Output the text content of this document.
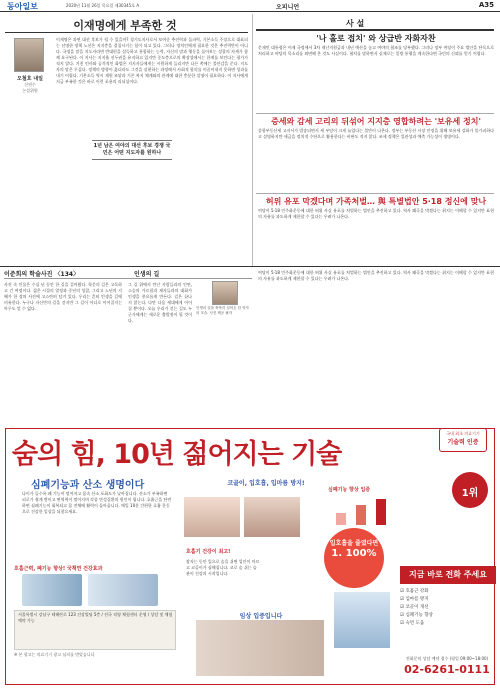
동아일보	2020년 11월 26일 목요일 제30345호 A	오피니언	A35
이재명에게 부족한 것
오철호 내일
신연수
논설위원
이재명은 과연 대선 후보가 될 수 있을까? 경기도지사로서 보여준 추진력과 돌파력, 기본소득 주장으로 대표되는 선명한 정책 노선은 지지층을 결집시키는 힘이 되고 있다. 그러나 정치인에게 필요한 것은 추진력만이 아니다. 국정을 맡을 지도자라면 반대편을 설득하고 통합하는 능력, 자신의 말과 행동을 돌아보는 성찰의 자세가 함께 요구된다. 이 지사는 지지율 선두권을 유지하고 있지만 중도층으로의 확장성에서는 한계를 보인다는 평가가 적지 않다. 거친 언사와 공격적인 화법은 지지자들에게는 시원하게 들리지만 다른 쪽에는 불안감을 준다. 지도자의 말은 무겁다. 정책의 방향이 옳더라도 그것을 실현하는 과정에서 사회적 합의를 이끌어내지 못하면 성과를 내기 어렵다. 기본소득 역시 재원 조달과 기존 복지 체계와의 관계에 대한 충분한 설명이 필요하다. 이 지사에게 지금 부족한 것은 바로 이런 포용의 리더십이다.
1년 남은 여야의 대선 후보 경쟁 국민은 어떤 지도자를 원하나
사 설
'나 홀로 접치' 와 상급반 자화자찬
문재인 대통령은 어제 국정에서 3차 재난지원금과 내년 예산을 놓고 여야의 협조를 당부했다. 그러나 정부 여당이 주요 법안을 단독으로 처리하고 야당의 목소리를 외면해 온 것도 사실이다. 협치를 말하면서 실제로는 일방 통행을 계속한다면 국민의 신뢰를 얻기 어렵다.
증세와 감세 고리의 뒤섞어 지지층 영합하려는 '보유세 정치'
종합부동산세 고지서가 발송되면서 세 부담이 크게 늘었다는 불만이 나온다. 정부는 부동산 시장 안정을 위해 보유세 강화가 불가피하다고 설명하지만 세금을 정치적 수단으로 활용한다는 비판도 적지 않다. 조세 정책은 일관성과 예측 가능성이 생명이다.
허위 유포 막겠다며 가족처벌… 與 특별법안 5·18 정신에 맞나
여당이 5·18 민주화운동에 대한 허위 사실 유포를 처벌하는 법안을 추진하고 있다. 역사 왜곡을 막겠다는 취지는 이해할 수 있지만 표현의 자유를 과도하게 제한할 수 있다는 우려가 나온다.
이준희의 학술사진 〈134〉	인생의 길
사진 속 인물은 수십 년 동안 한 길을 걸어왔다. 학문의 길은 고독하고 긴 여정이다. 젊은 시절의 열정과 중년의 성찰, 그리고 노년의 지혜가 한 장의 사진에 고스란히 담겨 있다. 우리는 흔히 인생을 길에 비유한다. 누구나 자신만의 길을 걷지만 그 길이 어디로 이어질지는 아무도 알 수 없다.
그 길 위에서 만난 사람들과의 인연, 스승의 가르침과 제자들과의 대화가 인생을 풍요롭게 만든다. 길은 끝나지 않는다. 다만 다음 세대에게 이어질 뿐이다. 오늘 우리가 걷는 길도 누군가에게는 새로운 출발점이 될 것이다.
인생의 길을 묵묵히 걸어온 한 학자의 모습. 사진 제공 필자
여당이 5·18 민주화운동에 대한 허위 사실 유포를 처벌하는 법안을 추진하고 있다. 역사 왜곡을 막겠다는 취지는 이해할 수 있지만 표현의 자유를 과도하게 제한할 수 있다는 우려가 나온다.
숨의 힘, 10년 젊어지는 기술
국내 최초 의료기기
기술력 인증
심폐기능과 산소 생명이다
나이가 들수록 폐 기능이 떨어지고 몸속 산소 포화도가 낮아집니다. 산소가 부족하면 피로가 쉽게 쌓이고 면역력이 떨어지며 각종 만성질환의 원인이 됩니다. 호흡근을 단련하면 심폐기능이 회복되고 몸 전체에 활력이 돌아옵니다. 매일 10분 간편한 호흡 운동으로 건강한 일상을 되찾으세요.
호흡근력, 폐기능 향상! 국책연 건강효과
서울특별시 강남구 테헤란로 123 건강빌딩 5층 / 전국 직영 체험센터 운영 / 상담 및 체험 예약 가능
※ 본 광고는 의료기기 광고 심의를 받았습니다
코골이, 입호흡, 입마름 방지!
호흡기 건강이 최고!
잠자는 동안 입으로 숨을 쉬면 입안이 마르고 코골이가 심해집니다. 코로 숨 쉬는 습관이 건강의 시작입니다.
임상 입증입니다
심폐기능 향상 입증
입호흡을 줄였다면
1. 100%
1위
지금 바로 전화 주세요
☑ 호흡근 강화
☑ 입마름 방지
☑ 코골이 개선
☑ 심폐기능 향상
☑ 숙면 도움
전화문의 상담 예약 접수 (평일 09:00~18:00)
02-6261-0111
